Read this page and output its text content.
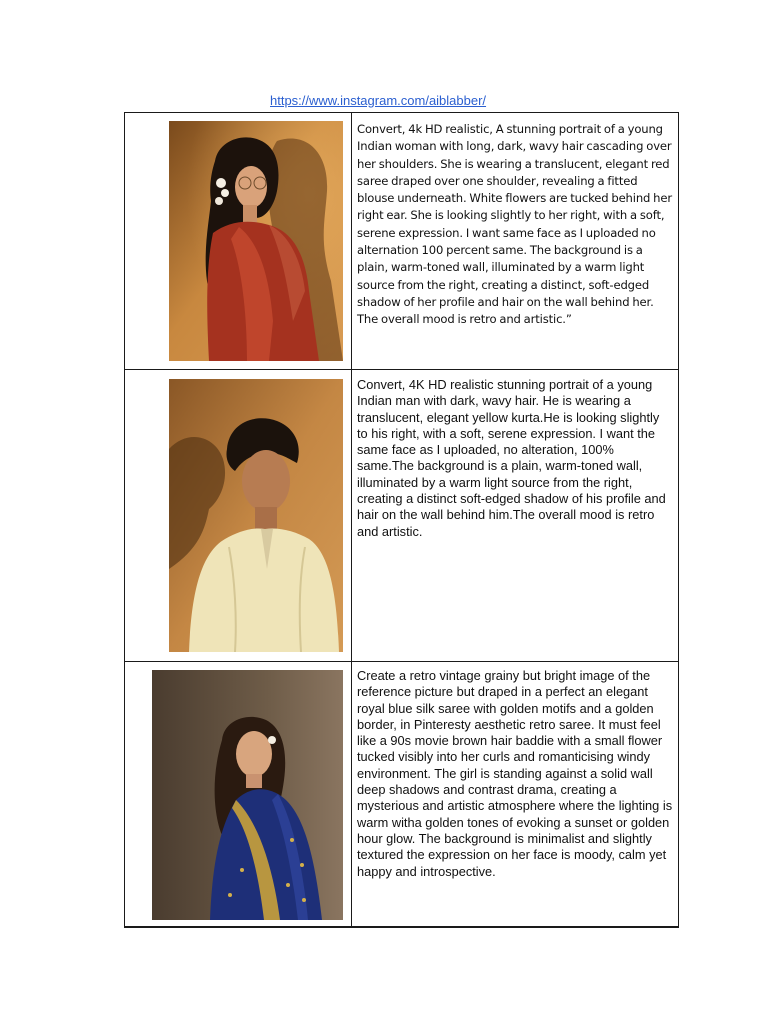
https://www.instagram.com/aiblabber/

Convert, 4k HD realistic, A stunning portrait of a young Indian woman with long, dark, wavy hair cascading over her shoulders. She is wearing a translucent, elegant red saree draped over one shoulder, revealing a fitted blouse underneath. White flowers are tucked behind her right ear. She is looking slightly to her right, with a soft, serene expression. I want same face as I uploaded no alternation 100 percent same. The background is a plain, warm-toned wall, illuminated by a warm light source from the right, creating a distinct, soft-edged shadow of her profile and hair on the wall behind her. The overall mood is retro and artistic.”

Convert, 4K HD realistic stunning portrait of a young Indian man with dark, wavy hair. He is wearing a translucent, elegant yellow kurta.He is looking slightly to his right, with a soft, serene expression. I want the same face as I uploaded, no alteration, 100% same.The background is a plain, warm-toned wall, illuminated by a warm light source from the right, creating a distinct soft-edged shadow of his profile and hair on the wall behind him.The overall mood is retro and artistic.

Create a retro vintage grainy but bright image of the reference picture but draped in a perfect an elegant royal blue silk saree with golden motifs and a golden border, in Pinteresty aesthetic retro saree. It must feel like a 90s movie brown hair baddie with a small flower tucked visibly into her curls and romanticising windy environment. The girl is standing against a solid wall deep shadows and contrast drama, creating a mysterious and artistic atmosphere where the lighting is warm witha golden tones of evoking a sunset or golden hour glow. The background is minimalist and slightly textured the expression on her face is moody, calm yet happy and introspective.
